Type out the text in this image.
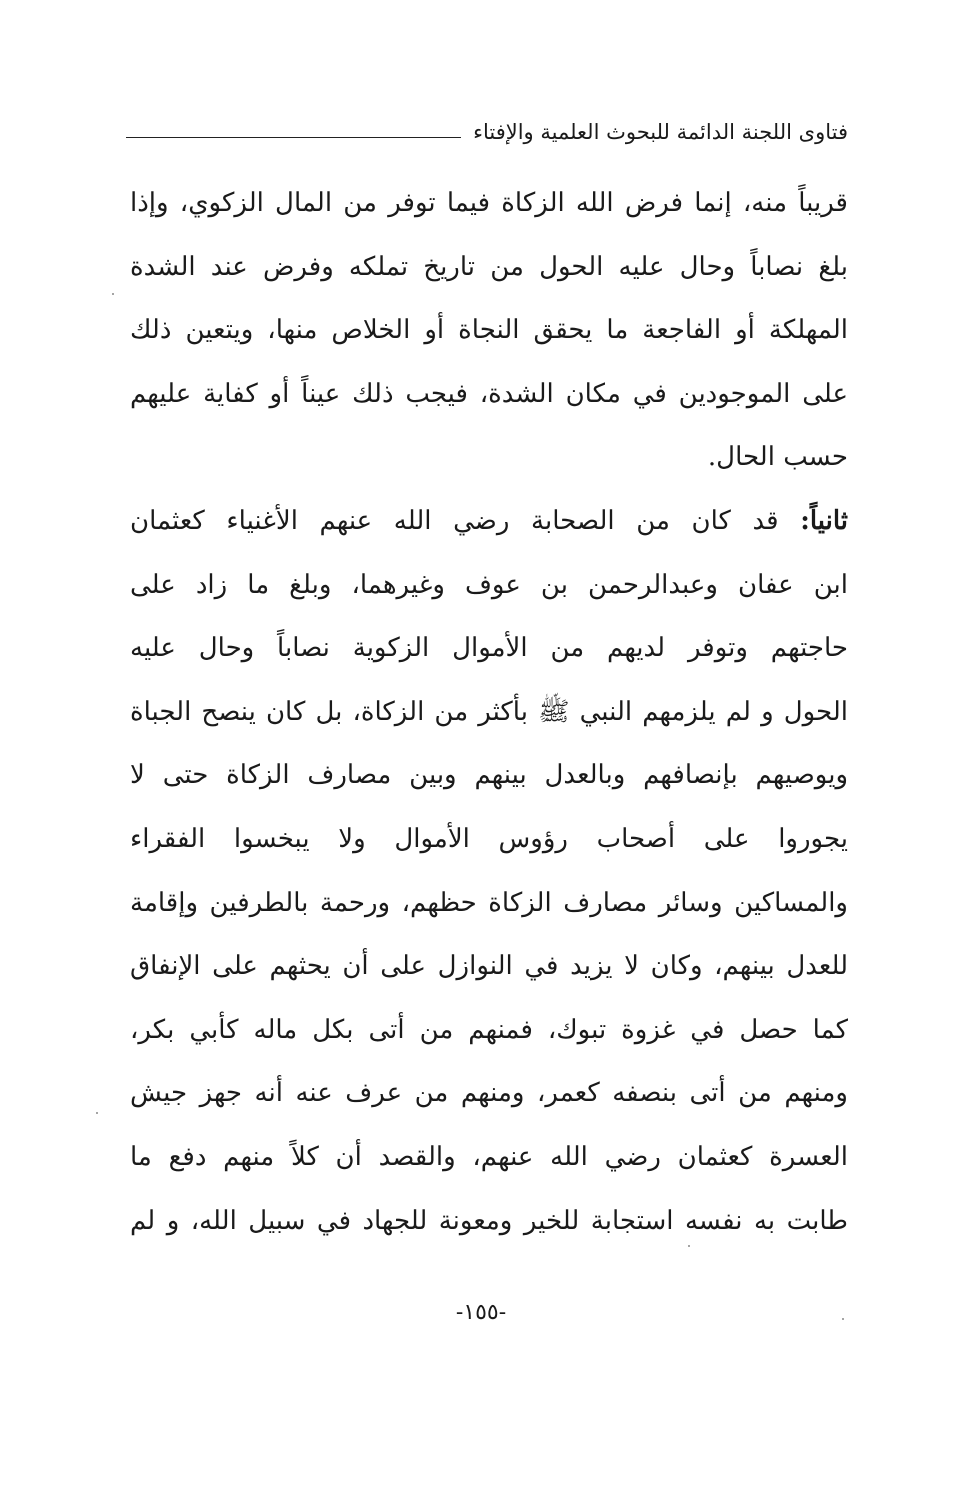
فتاوى اللجنة الدائمة للبحوث العلمية والإفتاء
قريباً منه، إنما فرض الله الزكاة فيما توفر من المال الزكوي، وإذا
بلغ نصاباً وحال عليه الحول من تاريخ تملكه وفرض عند الشدة
المهلكة أو الفاجعة ما يحقق النجاة أو الخلاص منها، ويتعين ذلك
على الموجودين في مكان الشدة، فيجب ذلك عيناً أو كفاية عليهم
حسب الحال.
ثانياً: قد كان من الصحابة رضي الله عنهم الأغنياء كعثمان
ابن عفان وعبدالرحمن بن عوف وغيرهما، وبلغ ما زاد على
حاجتهم وتوفر لديهم من الأموال الزكوية نصاباً وحال عليه
الحول و لم يلزمهم النبي ﷺ بأكثر من الزكاة، بل كان ينصح الجباة
ويوصيهم بإنصافهم وبالعدل بينهم وبين مصارف الزكاة حتى لا
يجوروا على أصحاب رؤوس الأموال ولا يبخسوا الفقراء
والمساكين وسائر مصارف الزكاة حظهم، ورحمة بالطرفين وإقامة
للعدل بينهم، وكان لا يزيد في النوازل على أن يحثهم على الإنفاق
كما حصل في غزوة تبوك، فمنهم من أتى بكل ماله كأبي بكر،
ومنهم من أتى بنصفه كعمر، ومنهم من عرف عنه أنه جهز جيش
العسرة كعثمان رضي الله عنهم، والقصد أن كلاً منهم دفع ما
طابت به نفسه استجابة للخير ومعونة للجهاد في سبيل الله، و لم
-١٥٥-
